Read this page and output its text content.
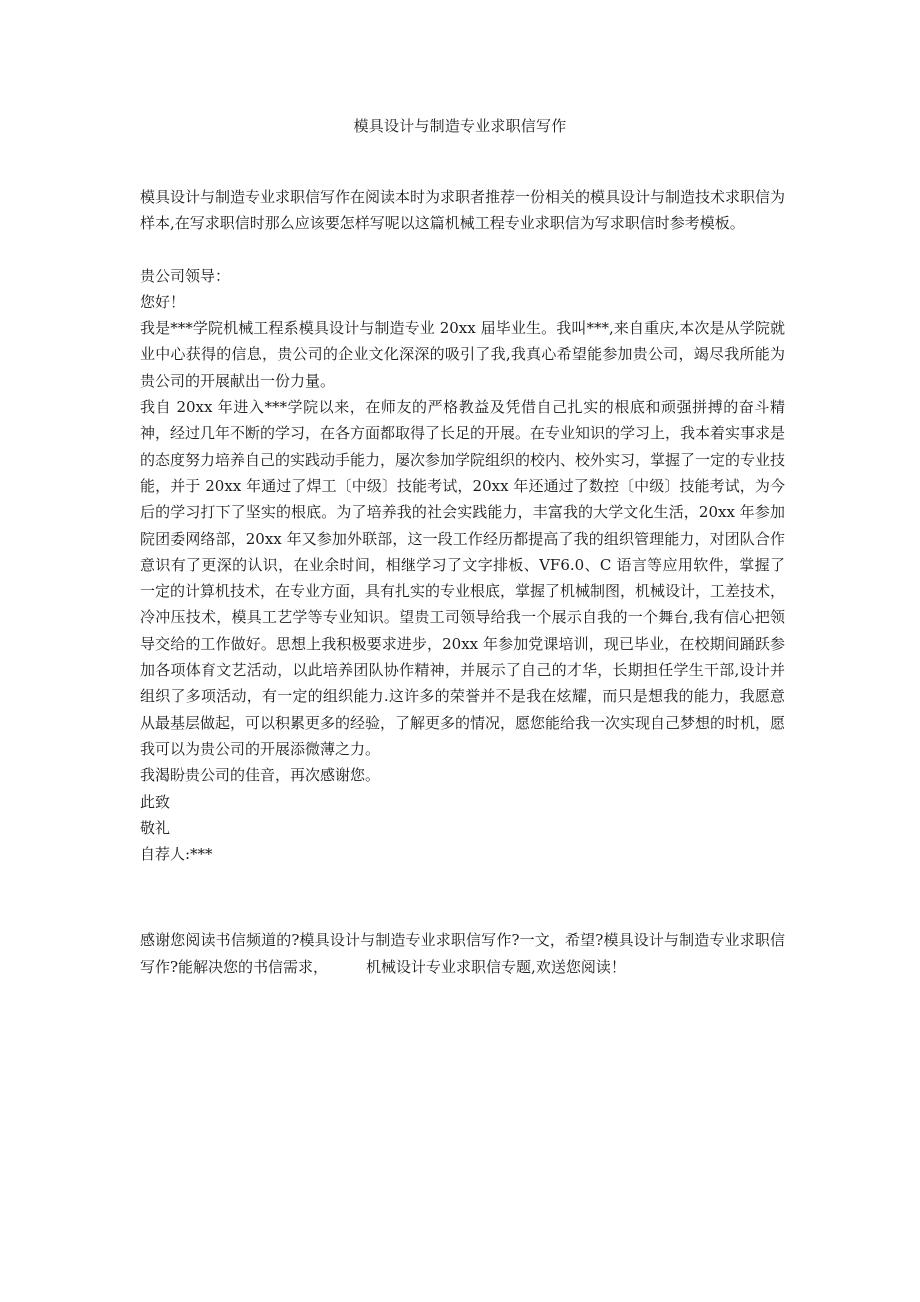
模具设计与制造专业求职信写作

模具设计与制造专业求职信写作在阅读本时为求职者推荐一份相关的模具设计与制造技术求职信为样本,在写求职信时那么应该要怎样写呢以这篇机械工程专业求职信为写求职信时参考模板。

贵公司领导：

您好！

我是***学院机械工程系模具设计与制造专业 20xx 届毕业生。我叫***,来自重庆,本次是从学院就业中心获得的信息，贵公司的企业文化深深的吸引了我,我真心希望能参加贵公司，竭尽我所能为贵公司的开展献出一份力量。

我自 20xx 年进入***学院以来，在师友的严格教益及凭借自己扎实的根底和顽强拼搏的奋斗精神，经过几年不断的学习，在各方面都取得了长足的开展。在专业知识的学习上，我本着实事求是的态度努力培养自己的实践动手能力，屡次参加学院组织的校内、校外实习，掌握了一定的专业技能，并于 20xx 年通过了焊工〔中级〕技能考试，20xx 年还通过了数控〔中级〕技能考试，为今后的学习打下了坚实的根底。为了培养我的社会实践能力，丰富我的大学文化生活，20xx 年参加院团委网络部，20xx 年又参加外联部，这一段工作经历都提高了我的组织管理能力，对团队合作意识有了更深的认识，在业余时间，相继学习了文字排板、VF6.0、C 语言等应用软件，掌握了一定的计算机技术，在专业方面，具有扎实的专业根底，掌握了机械制图，机械设计，工差技术，冷冲压技术，模具工艺学等专业知识。望贵工司领导给我一个展示自我的一个舞台,我有信心把领导交给的工作做好。思想上我积极要求进步，20xx 年参加党课培训，现已毕业，在校期间踊跃参加各项体育文艺活动，以此培养团队协作精神，并展示了自己的才华，长期担任学生干部,设计并组织了多项活动，有一定的组织能力.这许多的荣誉并不是我在炫耀，而只是想我的能力，我愿意从最基层做起，可以积累更多的经验，了解更多的情况，愿您能给我一次实现自己梦想的时机，愿我可以为贵公司的开展添微薄之力。

我渴盼贵公司的佳音，再次感谢您。

此致

敬礼

自荐人:***

感谢您阅读书信频道的?模具设计与制造专业求职信写作?一文，希望?模具设计与制造专业求职信写作?能解决您的书信需求，	机械设计专业求职信专题,欢送您阅读！
